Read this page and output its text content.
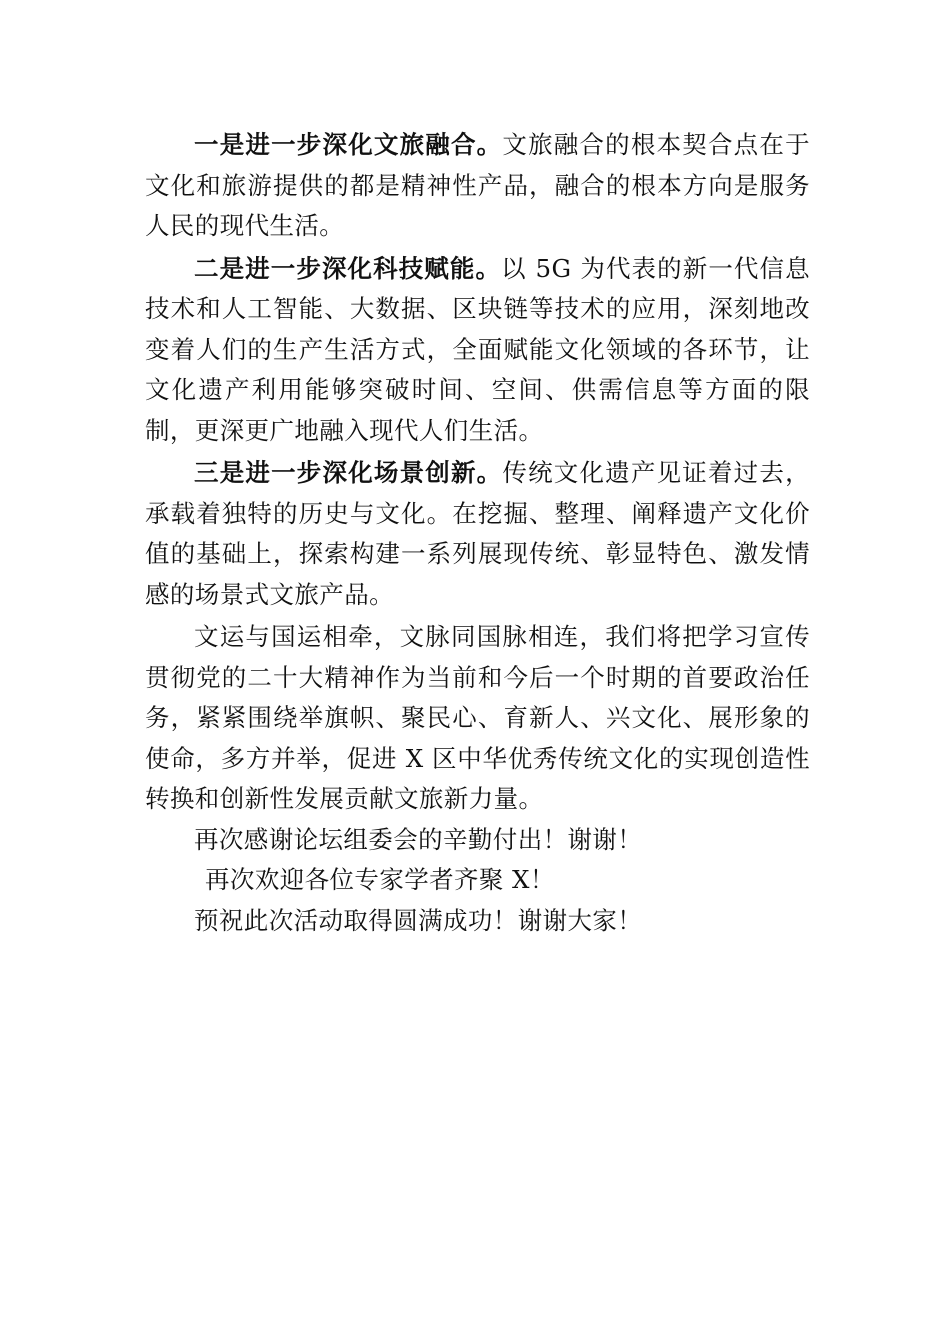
一是进一步深化文旅融合。文旅融合的根本契合点在于文化和旅游提供的都是精神性产品，融合的根本方向是服务人民的现代生活。

二是进一步深化科技赋能。以 5G 为代表的新一代信息技术和人工智能、大数据、区块链等技术的应用，深刻地改变着人们的生产生活方式，全面赋能文化领域的各环节，让文化遗产利用能够突破时间、空间、供需信息等方面的限制，更深更广地融入现代人们生活。

三是进一步深化场景创新。传统文化遗产见证着过去，承载着独特的历史与文化。在挖掘、整理、阐释遗产文化价值的基础上，探索构建一系列展现传统、彰显特色、激发情感的场景式文旅产品。

文运与国运相牵，文脉同国脉相连，我们将把学习宣传贯彻党的二十大精神作为当前和今后一个时期的首要政治任务，紧紧围绕举旗帜、聚民心、育新人、兴文化、展形象的使命，多方并举，促进 X 区中华优秀传统文化的实现创造性转换和创新性发展贡献文旅新力量。

再次感谢论坛组委会的辛勤付出！谢谢！

再次欢迎各位专家学者齐聚 X！

预祝此次活动取得圆满成功！谢谢大家！
